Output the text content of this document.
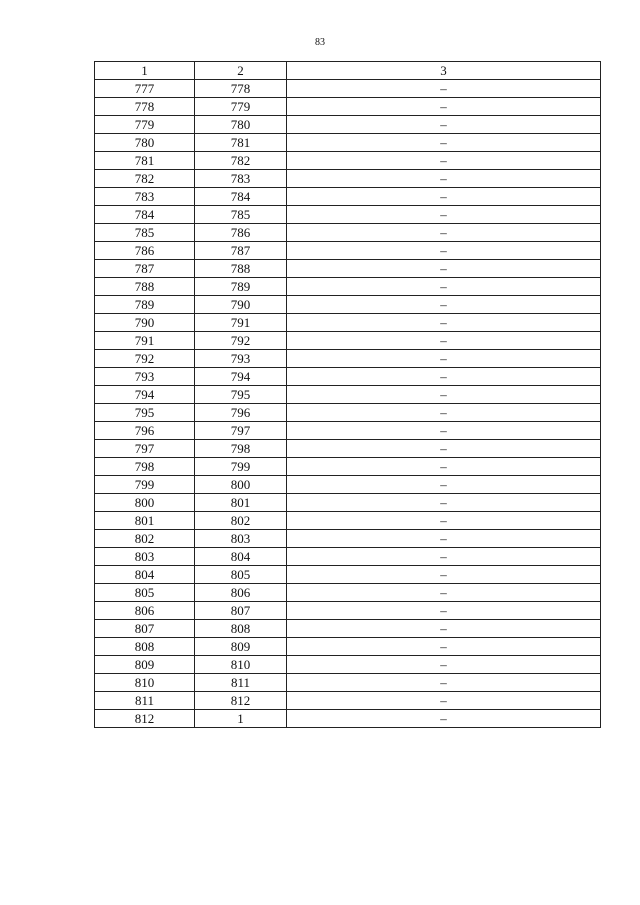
83
1	2	3
777	778	–
778	779	–
779	780	–
780	781	–
781	782	–
782	783	–
783	784	–
784	785	–
785	786	–
786	787	–
787	788	–
788	789	–
789	790	–
790	791	–
791	792	–
792	793	–
793	794	–
794	795	–
795	796	–
796	797	–
797	798	–
798	799	–
799	800	–
800	801	–
801	802	–
802	803	–
803	804	–
804	805	–
805	806	–
806	807	–
807	808	–
808	809	–
809	810	–
810	811	–
811	812	–
812	1	–
